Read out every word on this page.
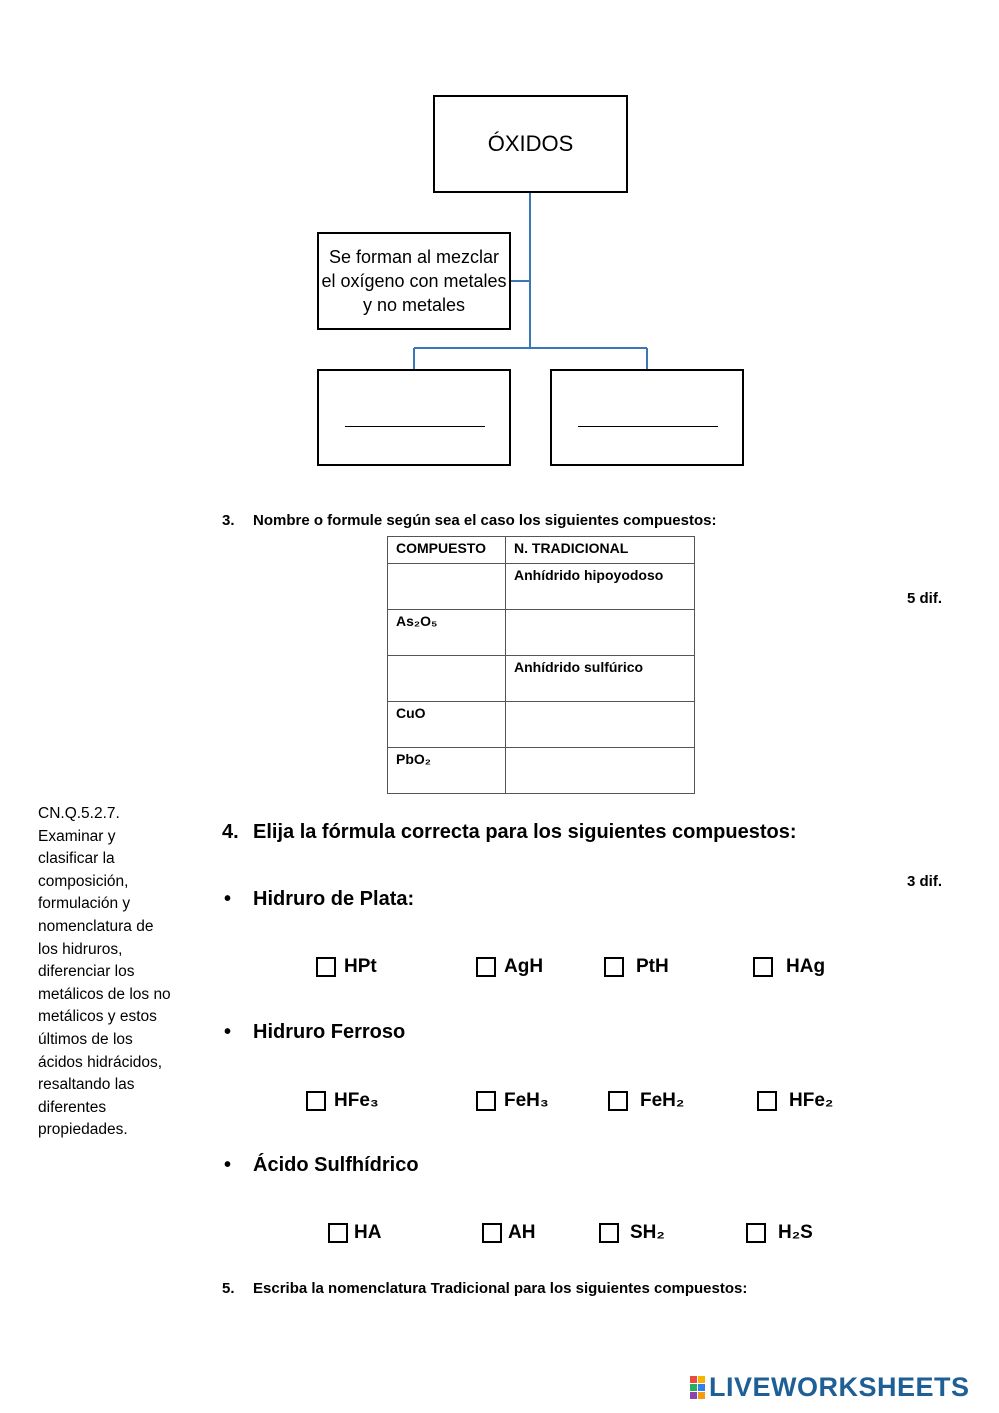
ÓXIDOS
Se forman al mezclar el oxígeno con metales y no metales
3. Nombre o formule según sea el caso los siguientes compuestos:
5 dif.
COMPUESTO	N. TRADICIONAL
	Anhídrido hipoyodoso
As₂O₅	
	Anhídrido sulfúrico
CuO	
PbO₂	
CN.Q.5.2.7. Examinar y clasificar la composición, formulación y nomenclatura de los hidruros, diferenciar los metálicos de los no metálicos y estos últimos de los ácidos hidrácidos, resaltando las diferentes propiedades.
4. Elija la fórmula correcta para los siguientes compuestos:
3 dif.
• Hidruro de Plata:
HPt	AgH	PtH	HAg
• Hidruro Ferroso
HFe₃	FeH₃	FeH₂	HFe₂
• Ácido Sulfhídrico
HA	AH	SH₂	H₂S
5. Escriba la nomenclatura Tradicional para los siguientes compuestos:
LIVEWORKSHEETS
